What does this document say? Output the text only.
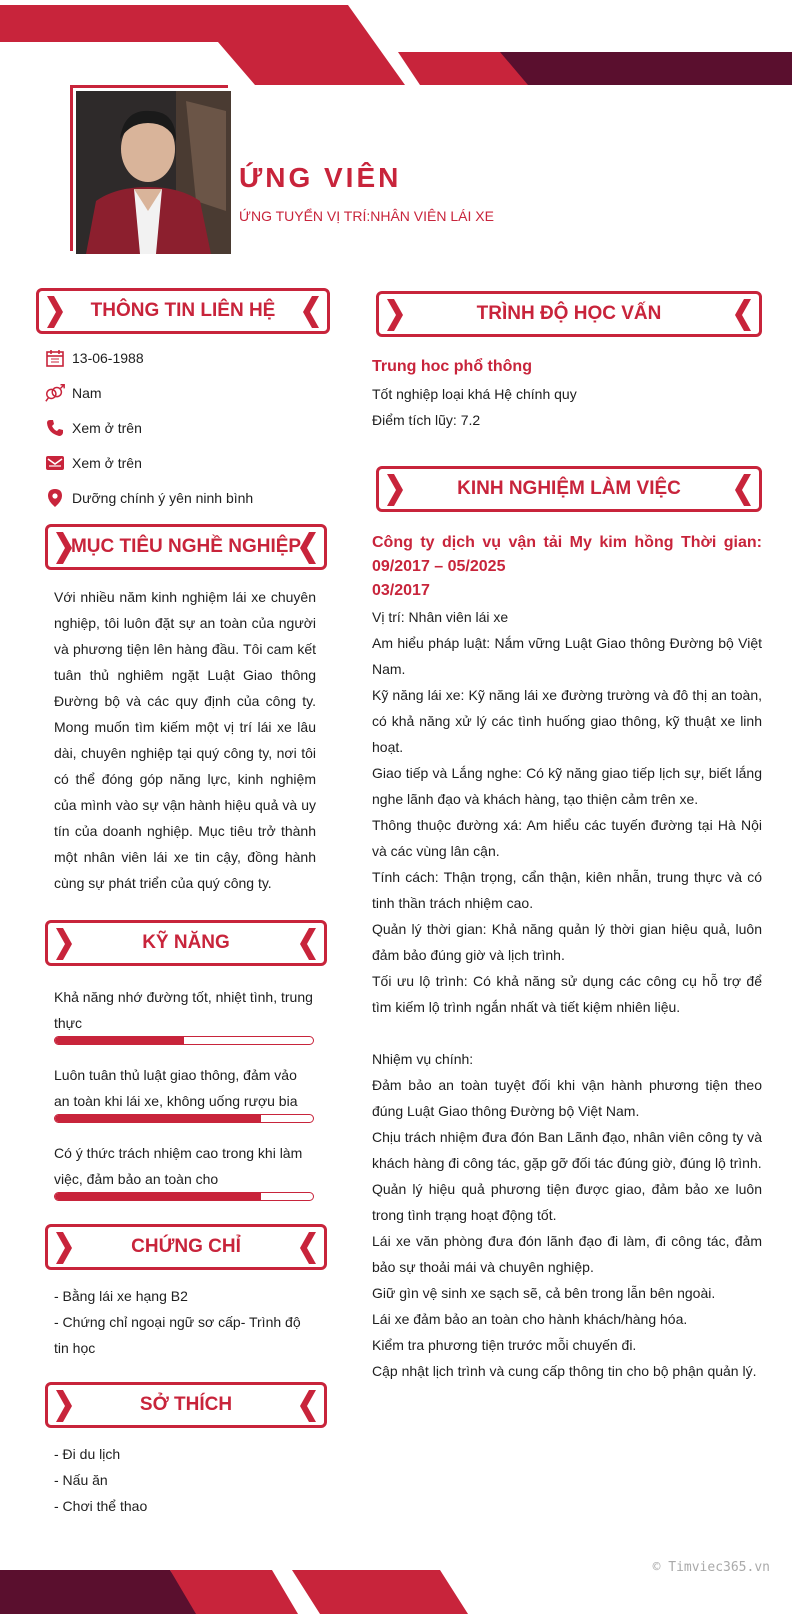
ỨNG VIÊN
ỨNG TUYỂN VỊ TRÍ:NHÂN VIÊN LÁI XE
THÔNG TIN LIÊN HỆ
13-06-1988
Nam
Xem ở trên
Xem ở trên
Dưỡng chính ý yên ninh bình
MỤC TIÊU NGHỀ NGHIỆP
Với nhiều năm kinh nghiệm lái xe chuyên nghiệp, tôi luôn đặt sự an toàn của người và phương tiện lên hàng đầu. Tôi cam kết tuân thủ nghiêm ngặt Luật Giao thông Đường bộ và các quy định của công ty. Mong muốn tìm kiếm một vị trí lái xe lâu dài, chuyên nghiệp tại quý công ty, nơi tôi có thể đóng góp năng lực, kinh nghiệm của mình vào sự vận hành hiệu quả và uy tín của doanh nghiệp. Mục tiêu trở thành một nhân viên lái xe tin cậy, đồng hành cùng sự phát triển của quý công ty.
KỸ NĂNG
Khả năng nhớ đường tốt, nhiệt tình, trung thực
Luôn tuân thủ luật giao thông, đảm vảo an toàn khi lái xe, không uống rượu bia
Có ý thức trách nhiệm cao trong khi làm việc, đảm bảo an toàn cho
CHỨNG CHỈ
- Bằng lái xe hạng B2
- Chứng chỉ ngoại ngữ sơ cấp- Trình độ tin học
SỞ THÍCH
- Đi du lịch
- Nấu ăn
- Chơi thể thao
TRÌNH ĐỘ HỌC VẤN
Trung hoc phổ thông
Tốt nghiệp loại khá Hệ chính quy
Điểm tích lũy: 7.2
KINH NGHIỆM LÀM VIỆC
Công ty dịch vụ vận tải My kim hồng Thời gian: 09/2017 – 05/2025
03/2017
Vị trí: Nhân viên lái xe
Am hiểu pháp luật: Nắm vững Luật Giao thông Đường bộ Việt Nam.
Kỹ năng lái xe: Kỹ năng lái xe đường trường và đô thị an toàn, có khả năng xử lý các tình huống giao thông, kỹ thuật xe linh hoạt.
Giao tiếp và Lắng nghe: Có kỹ năng giao tiếp lịch sự, biết lắng nghe lãnh đạo và khách hàng, tạo thiện cảm trên xe.
Thông thuộc đường xá: Am hiểu các tuyến đường tại Hà Nội và các vùng lân cận.
Tính cách: Thận trọng, cẩn thận, kiên nhẫn, trung thực và có tinh thần trách nhiệm cao.
Quản lý thời gian: Khả năng quản lý thời gian hiệu quả, luôn đảm bảo đúng giờ và lịch trình.
Tối ưu lộ trình: Có khả năng sử dụng các công cụ hỗ trợ để tìm kiếm lộ trình ngắn nhất và tiết kiệm nhiên liệu.
Nhiệm vụ chính:
Đảm bảo an toàn tuyệt đối khi vận hành phương tiện theo đúng Luật Giao thông Đường bộ Việt Nam.
Chịu trách nhiệm đưa đón Ban Lãnh đạo, nhân viên công ty và khách hàng đi công tác, gặp gỡ đối tác đúng giờ, đúng lộ trình.
Quản lý hiệu quả phương tiện được giao, đảm bảo xe luôn trong tình trạng hoạt động tốt.
Lái xe văn phòng đưa đón lãnh đạo đi làm, đi công tác, đảm bảo sự thoải mái và chuyên nghiệp.
Giữ gìn vệ sinh xe sạch sẽ, cả bên trong lẫn bên ngoài.
Lái xe đảm bảo an toàn cho hành khách/hàng hóa.
Kiểm tra phương tiện trước mỗi chuyến đi.
Cập nhật lịch trình và cung cấp thông tin cho bộ phận quản lý.
© Timviec365.vn
